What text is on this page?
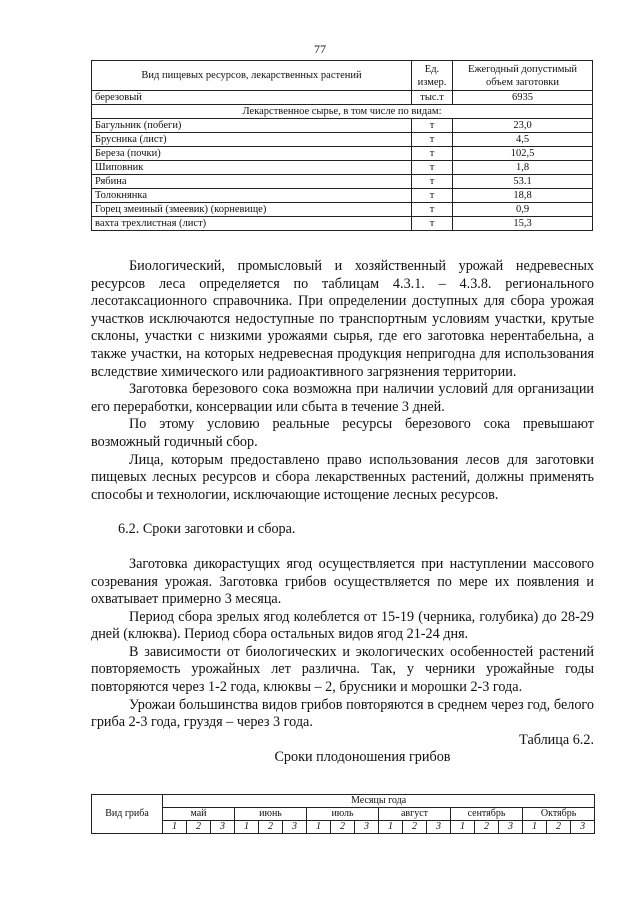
77
Вид пищевых ресурсов, лекарственных растений	Ед. измер.	Ежегодный допустимый объем заготовки
березовый	тыс.т	6935
Лекарственное сырье, в том числе по видам:		
Багульник (побеги)	т	23,0
Брусника (лист)	т	4,5
Береза (почки)	т	102,5
Шиповник	т	1,8
Рябина	т	53.1
Толокнянка	т	18,8
Горец змеиный (змеевик) (корневище)	т	0,9
вахта трехлистная (лист)	т	15,3

Биологический, промысловый и хозяйственный урожай недревесных ресурсов леса определяется по таблицам 4.3.1. – 4.3.8. регионального лесотаксационного справочника. При определении доступных для сбора урожая участков исключаются недоступные по транспортным условиям участки, крутые склоны, участки с низкими урожаями сырья, где его заготовка нерентабельна, а также участки, на которых недревесная продукция непригодна для использования вследствие химического или радиоактивного загрязнения территории.

Заготовка березового сока возможна при наличии условий для организации его переработки, консервации или сбыта в течение 3 дней.

По этому условию реальные ресурсы березового сока превышают возможный годичный сбор.

Лица, которым предоставлено право использования лесов для заготовки пищевых лесных ресурсов и сбора лекарственных растений, должны применять способы и технологии, исключающие истощение лесных ресурсов.

6.2. Сроки заготовки и сбора.

Заготовка дикорастущих ягод осуществляется при наступлении массового созревания урожая. Заготовка грибов осуществляется по мере их появления и охватывает примерно 3 месяца.

Период сбора зрелых ягод колеблется от 15-19 (черника, голубика) до 28-29 дней (клюква). Период сбора остальных видов ягод 21-24 дня.

В зависимости от биологических и экологических особенностей растений повторяемость урожайных лет различна. Так, у черники урожайные годы повторяются через 1-2 года, клюквы – 2, брусники и морошки 2-3 года.

Урожаи большинства видов грибов повторяются в среднем через год, белого гриба 2-3 года, груздя – через 3 года.

Таблица 6.2.

Сроки плодоношения грибов

Вид гриба	Месяцы года																	
	май			июнь			июль			август			сентябрь			Октябрь		
	1	2	3	1	2	3	1	2	3	1	2	3	1	2	3	1	2	3
